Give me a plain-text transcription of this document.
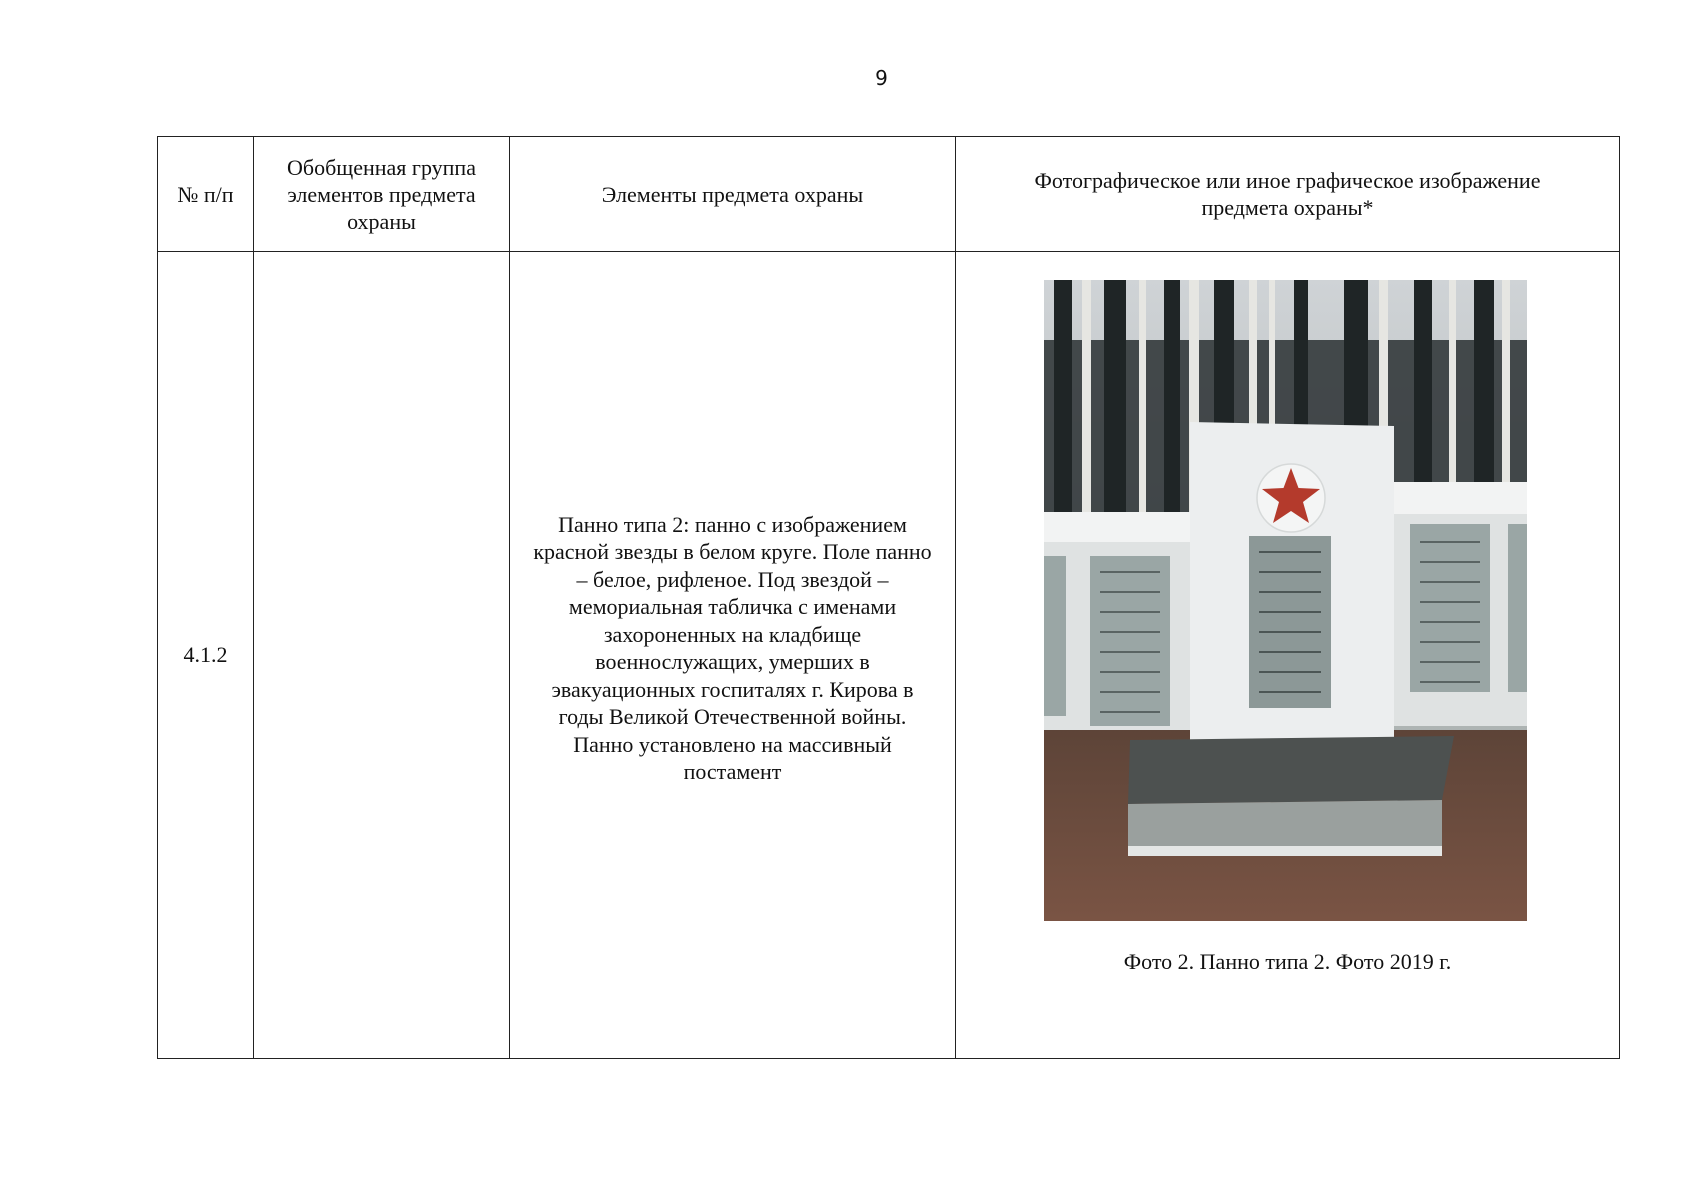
9
№ п/п	Обобщенная группа элементов предмета охраны	Элементы предмета охраны	Фотографическое или иное графическое изображение предмета охраны*

4.1.2		Панно типа 2: панно с изображением красной звезды в белом круге. Поле панно – белое, рифленое. Под звездой – мемориальная табличка с именами захороненных на кладбище военнослужащих, умерших в эвакуационных госпиталях г. Кирова в годы Великой Отечественной войны. Панно установлено на массивный постамент	Фото 2. Панно типа 2. Фото 2019 г.
